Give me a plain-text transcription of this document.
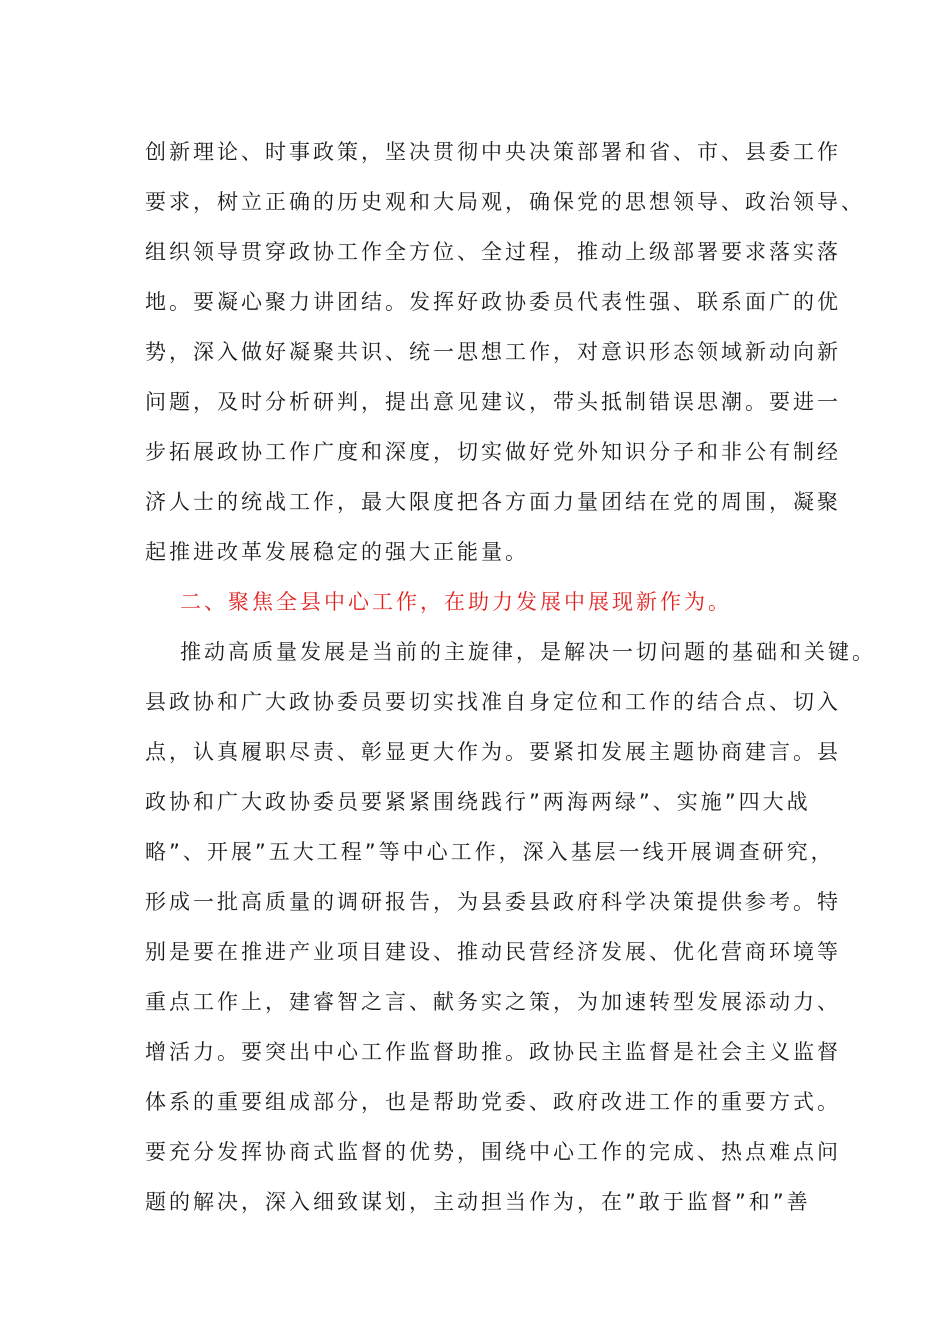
创新理论、时事政策，坚决贯彻中央决策部署和省、市、县委工作
要求，树立正确的历史观和大局观，确保党的思想领导、政治领导、
组织领导贯穿政协工作全方位、全过程，推动上级部署要求落实落
地。要凝心聚力讲团结。发挥好政协委员代表性强、联系面广的优
势，深入做好凝聚共识、统一思想工作，对意识形态领域新动向新
问题，及时分析研判，提出意见建议，带头抵制错误思潮。要进一
步拓展政协工作广度和深度，切实做好党外知识分子和非公有制经
济人士的统战工作，最大限度把各方面力量团结在党的周围，凝聚
起推进改革发展稳定的强大正能量。
二、聚焦全县中心工作，在助力发展中展现新作为。
推动高质量发展是当前的主旋律，是解决一切问题的基础和关键。
县政协和广大政协委员要切实找准自身定位和工作的结合点、切入
点，认真履职尽责、彰显更大作为。要紧扣发展主题协商建言。县
政协和广大政协委员要紧紧围绕践行”两海两绿”、实施”四大战
略”、开展”五大工程”等中心工作，深入基层一线开展调查研究，
形成一批高质量的调研报告，为县委县政府科学决策提供参考。特
别是要在推进产业项目建设、推动民营经济发展、优化营商环境等
重点工作上，建睿智之言、献务实之策，为加速转型发展添动力、
增活力。要突出中心工作监督助推。政协民主监督是社会主义监督
体系的重要组成部分，也是帮助党委、政府改进工作的重要方式。
要充分发挥协商式监督的优势，围绕中心工作的完成、热点难点问
题的解决，深入细致谋划，主动担当作为，在”敢于监督”和”善
